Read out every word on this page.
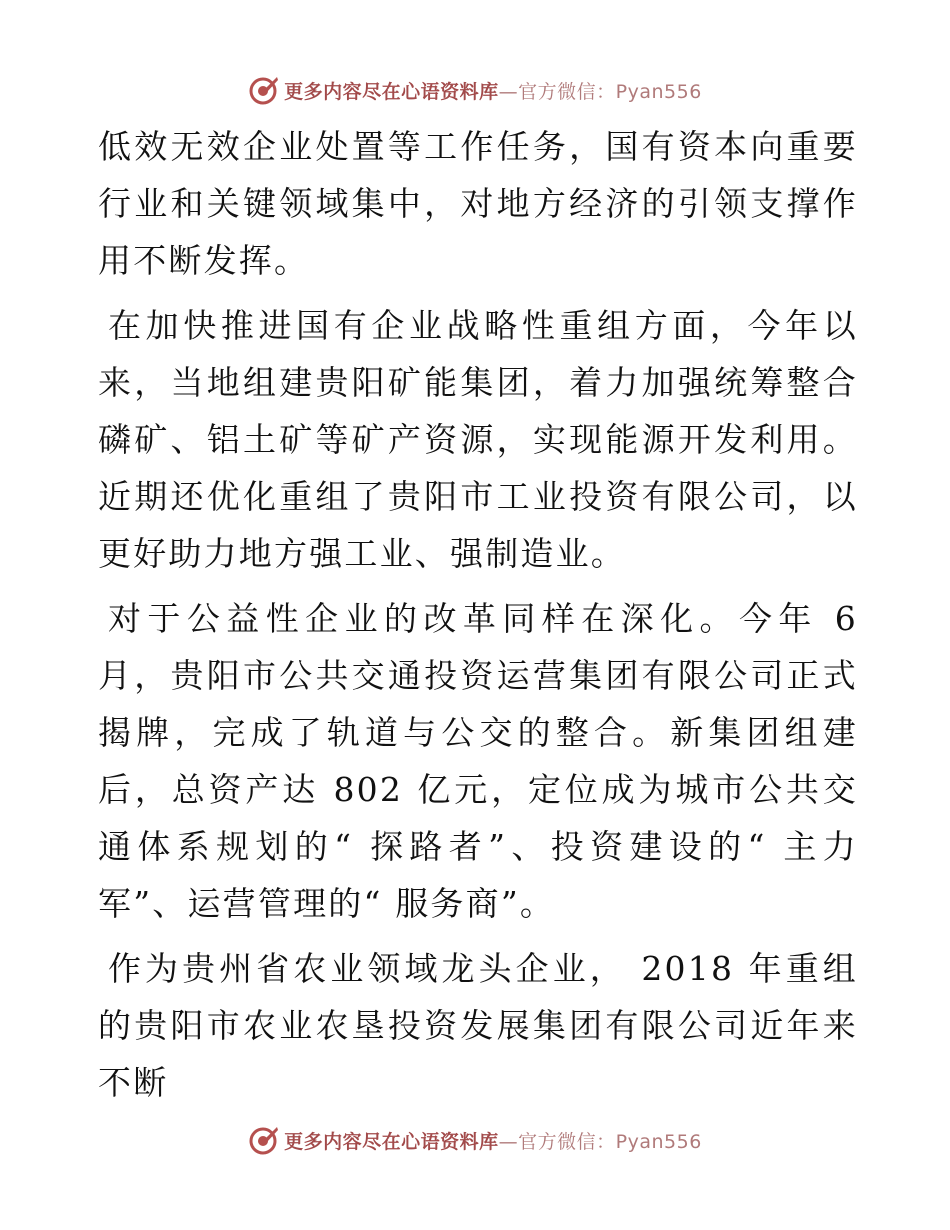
更多内容尽在心语资料库—官方微信：Pyan556

低效无效企业处置等工作任务，国有资本向重要行业和关键领域集中，对地方经济的引领支撑作用不断发挥。

在加快推进国有企业战略性重组方面，今年以来，当地组建贵阳矿能集团，着力加强统筹整合磷矿、铝土矿等矿产资源，实现能源开发利用。近期还优化重组了贵阳市工业投资有限公司，以更好助力地方强工业、强制造业。

对于公益性企业的改革同样在深化。今年 6 月，贵阳市公共交通投资运营集团有限公司正式揭牌，完成了轨道与公交的整合。新集团组建后，总资产达 802 亿元，定位成为城市公共交通体系规划的“ 探路者”、投资建设的“ 主力军”、运营管理的“ 服务商”。

作为贵州省农业领域龙头企业， 2018 年重组的贵阳市农业农垦投资发展集团有限公司近年来不断

更多内容尽在心语资料库—官方微信：Pyan556
